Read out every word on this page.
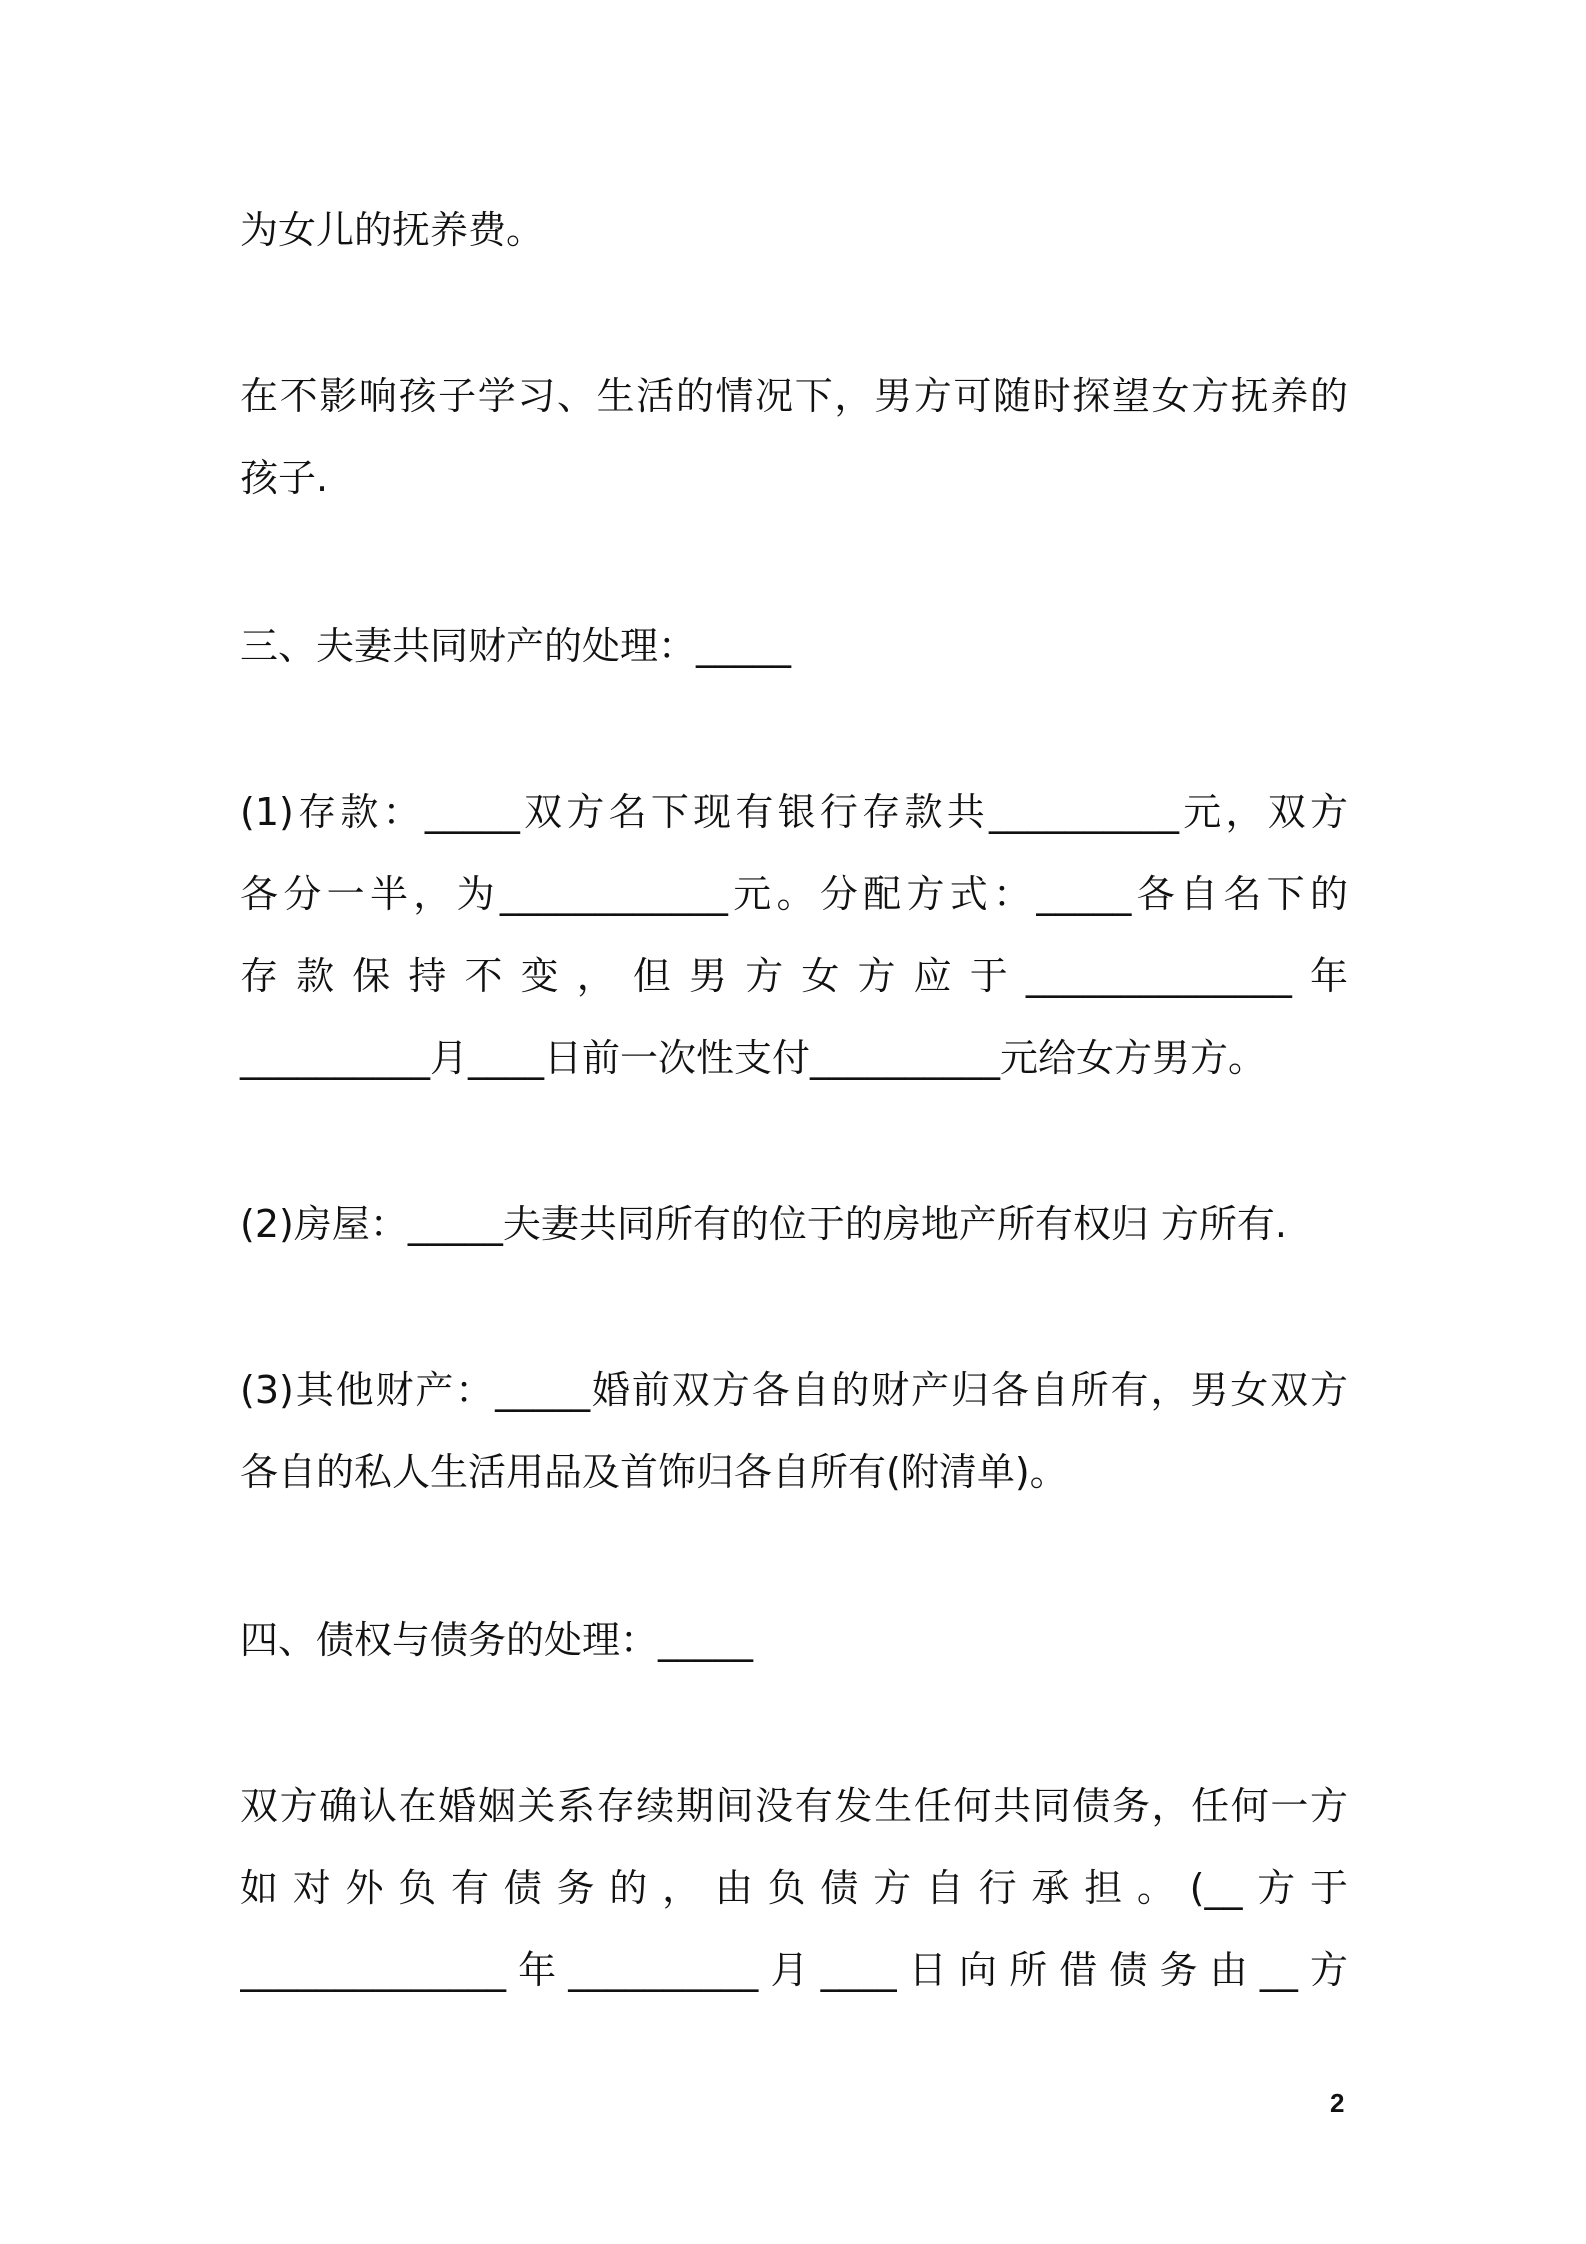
为女儿的抚养费。

在不影响孩子学习、生活的情况下，男方可随时探望女方抚养的

孩子.

三、夫妻共同财产的处理：_____

(1)存款：_____双方名下现有银行存款共__________元，双方

各分一半，为____________元。分配方式：_____各自名下的

存款保持不变，但男方女方应于______________年

__________月____日前一次性支付__________元给女方男方。

(2)房屋：_____夫妻共同所有的位于的房地产所有权归 方所有.

(3)其他财产：_____婚前双方各自的财产归各自所有，男女双方

各自的私人生活用品及首饰归各自所有(附清单)。

四、债权与债务的处理：_____

双方确认在婚姻关系存续期间没有发生任何共同债务，任何一方

如对外负有债务的，由负债方自行承担。(__方于

______________年__________月____日向所借债务由__方

2
